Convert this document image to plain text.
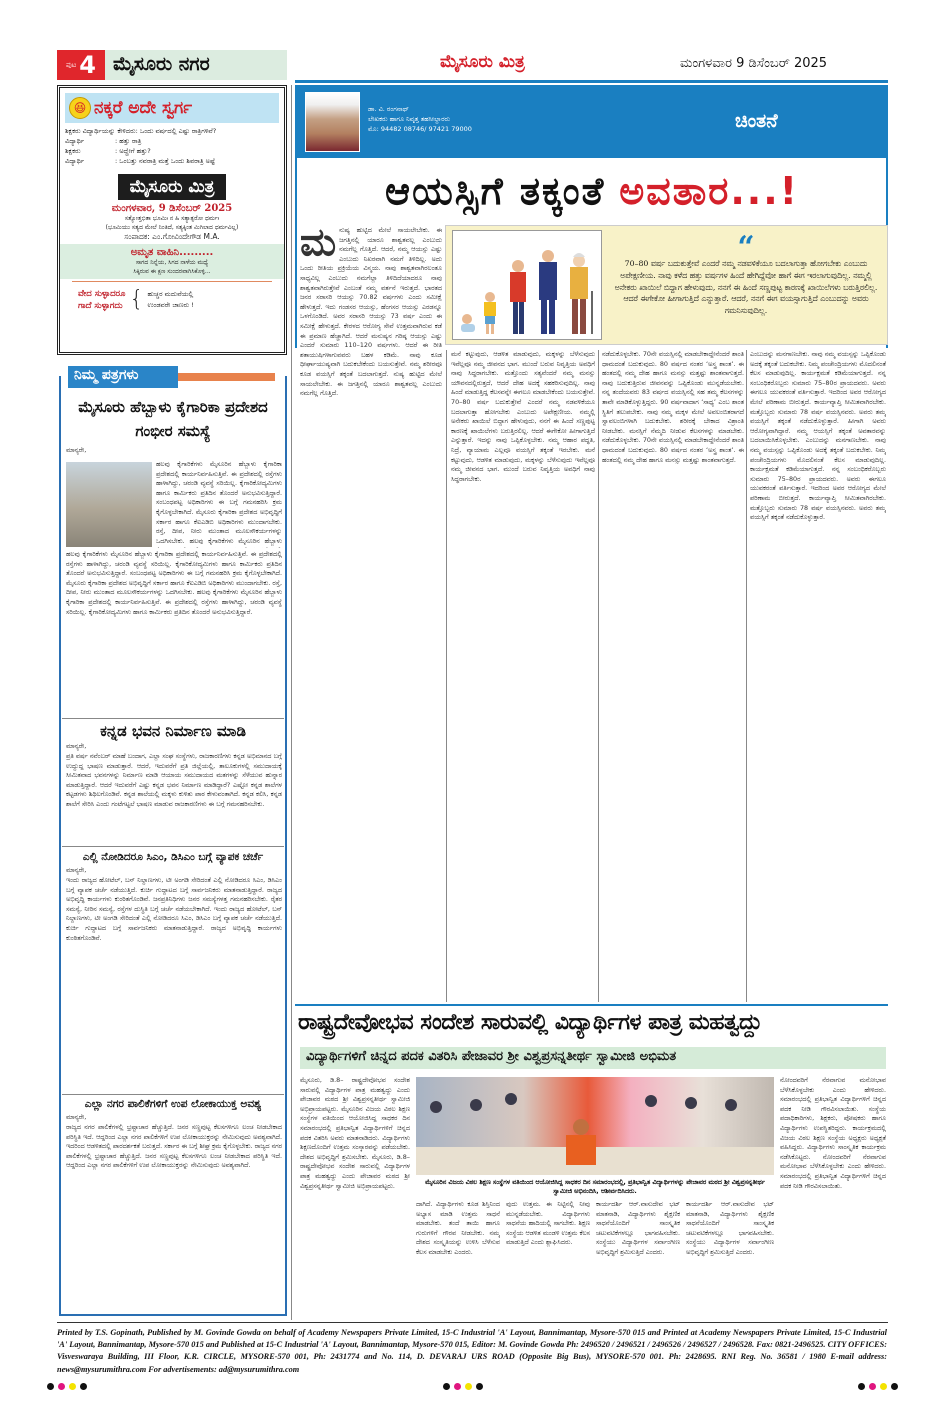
ಪುಟ 4 ಮೈಸೂರು ನಗರ	ಮೈಸೂರು ಮಿತ್ರ	ಮಂಗಳವಾರ 9 ಡಿಸೆಂಬರ್ 2025
😆 ನಕ್ಕರೆ ಅದೇ ಸ್ವರ್ಗ
ಶಿಕ್ಷಕರು ವಿದ್ಯಾರ್ಥಿಯನ್ನು ಕೇಳಿದರು: ಒಂದು ವರ್ಷದಲ್ಲಿ ಎಷ್ಟು ರಾತ್ರಿಗಳಿವೆ?
ವಿದ್ಯಾರ್ಥಿ	: ಹತ್ತು ರಾತ್ರಿ
ಶಿಕ್ಷಕರು	: ಅದ್ಹೇಗೆ ಹತ್ತು?
ವಿದ್ಯಾರ್ಥಿ	: ಒಂಬತ್ತು ನವರಾತ್ರಿ ಮತ್ತೆ ಒಂದು ಶಿವರಾತ್ರಿ ಅಷ್ಟೆ
ಮೈಸೂರು ಮಿತ್ರ
ಮಂಗಳವಾರ, 9 ಡಿಸೆಂಬರ್ 2025
ಸತ್ಯೋತ್ತಭಿತಾ ಭೂಮಿಃ ನ ಹಿ ಸತ್ಯಾತ್ಪರೋ ಧರ್ಮಃ
(ಭೂಮಿಯು ಸತ್ಯದ ಮೇಲೆ ನಿಂತಿದೆ, ಸತ್ಯಕ್ಕಿಂತ ಮಿಗಿಲಾದ ಧರ್ಮವಿಲ್ಲ)
ಸಂಪಾದಕ: ಎಂ.ಗೋವಿಂದೇಗೌಡ M.A.
ಅಮೃತ ವಾಹಿನಿ.........
ಸಾಗದ ನಿನ್ನೆಯ, ಸಿಗದ ನಾಳೆಯ ಮಧ್ಯೆ
ಸಿಕ್ಕಿರುವ ಈ ಕ್ಷಣ ಸುಂದರವಾಗಿಸಿಕೊಳ್ಳಿ...
ವೇದ ಸುಳ್ಳಾದರೂ
ಗಾದೆ ಸುಳ್ಳಾಗದು { ಹುಚ್ಚರ ಮದುವೆಯಲ್ಲಿ
ಉಂಡವರೇ ಜಾಣರು !
ನಿಮ್ಮ ಪತ್ರಗಳು
ಮೈಸೂರು ಹೆಬ್ಬಾಳು ಕೈಗಾರಿಕಾ ಪ್ರದೇಶದ ಗಂಭೀರ ಸಮಸ್ಯೆ
ಮಾನ್ಯರೇ,
ಹಲವು ಕೈಗಾರಿಕೆಗಳು ಮೈಸೂರಿನ ಹೆಬ್ಬಾಳು ಕೈಗಾರಿಕಾ ಪ್ರದೇಶದಲ್ಲಿ ಕಾರ್ಯನಿರ್ವಹಿಸುತ್ತಿವೆ. ಈ ಪ್ರದೇಶದಲ್ಲಿ ರಸ್ತೆಗಳು ಹಾಳಾಗಿದ್ದು, ಚರಂಡಿ ವ್ಯವಸ್ಥೆ ಸರಿಯಿಲ್ಲ. ಕೈಗಾರಿಕೋದ್ಯಮಿಗಳು ಹಾಗೂ ಕಾರ್ಮಿಕರು ಪ್ರತಿದಿನ ತೊಂದರೆ ಅನುಭವಿಸುತ್ತಿದ್ದಾರೆ. ಸಂಬಂಧಪಟ್ಟ ಅಧಿಕಾರಿಗಳು ಈ ಬಗ್ಗೆ ಗಮನಹರಿಸಿ ಕ್ರಮ ಕೈಗೊಳ್ಳಬೇಕಾಗಿದೆ. ಮೈಸೂರು ಕೈಗಾರಿಕಾ ಪ್ರದೇಶದ ಅಭಿವೃದ್ಧಿಗೆ ಸರ್ಕಾರ ಹಾಗೂ ಕೆಐಎಡಿಬಿ ಅಧಿಕಾರಿಗಳು ಮುಂದಾಗಬೇಕು. ರಸ್ತೆ, ದೀಪ, ನೀರು ಮುಂತಾದ ಮೂಲಸೌಕರ್ಯಗಳನ್ನು ಒದಗಿಸಬೇಕು. ಹಲವು ಕೈಗಾರಿಕೆಗಳು ಮೈಸೂರಿನ ಹೆಬ್ಬಾಳು
ಹಲವು ಕೈಗಾರಿಕೆಗಳು ಮೈಸೂರಿನ ಹೆಬ್ಬಾಳು ಕೈಗಾರಿಕಾ ಪ್ರದೇಶದಲ್ಲಿ ಕಾರ್ಯನಿರ್ವಹಿಸುತ್ತಿವೆ. ಈ ಪ್ರದೇಶದಲ್ಲಿ ರಸ್ತೆಗಳು ಹಾಳಾಗಿದ್ದು, ಚರಂಡಿ ವ್ಯವಸ್ಥೆ ಸರಿಯಿಲ್ಲ. ಕೈಗಾರಿಕೋದ್ಯಮಿಗಳು ಹಾಗೂ ಕಾರ್ಮಿಕರು ಪ್ರತಿದಿನ ತೊಂದರೆ ಅನುಭವಿಸುತ್ತಿದ್ದಾರೆ. ಸಂಬಂಧಪಟ್ಟ ಅಧಿಕಾರಿಗಳು ಈ ಬಗ್ಗೆ ಗಮನಹರಿಸಿ ಕ್ರಮ ಕೈಗೊಳ್ಳಬೇಕಾಗಿದೆ. ಮೈಸೂರು ಕೈಗಾರಿಕಾ ಪ್ರದೇಶದ ಅಭಿವೃದ್ಧಿಗೆ ಸರ್ಕಾರ ಹಾಗೂ ಕೆಐಎಡಿಬಿ ಅಧಿಕಾರಿಗಳು ಮುಂದಾಗಬೇಕು. ರಸ್ತೆ, ದೀಪ, ನೀರು ಮುಂತಾದ ಮೂಲಸೌಕರ್ಯಗಳನ್ನು ಒದಗಿಸಬೇಕು. ಹಲವು ಕೈಗಾರಿಕೆಗಳು ಮೈಸೂರಿನ ಹೆಬ್ಬಾಳು ಕೈಗಾರಿಕಾ ಪ್ರದೇಶದಲ್ಲಿ ಕಾರ್ಯನಿರ್ವಹಿಸುತ್ತಿವೆ. ಈ ಪ್ರದೇಶದಲ್ಲಿ ರಸ್ತೆಗಳು ಹಾಳಾಗಿದ್ದು, ಚರಂಡಿ ವ್ಯವಸ್ಥೆ ಸರಿಯಿಲ್ಲ. ಕೈಗಾರಿಕೋದ್ಯಮಿಗಳು ಹಾಗೂ ಕಾರ್ಮಿಕರು ಪ್ರತಿದಿನ ತೊಂದರೆ ಅನುಭವಿಸುತ್ತಿದ್ದಾರೆ.
ಕನ್ನಡ ಭವನ ನಿರ್ಮಾಣ ಮಾಡಿ
ಮಾನ್ಯರೇ,
ಪ್ರತಿ ವರ್ಷ ನವೆಂಬರ್ ಮಾಹೆ ಬಂದಾಗ, ಎಲ್ಲಾ ಸಂಘ ಸಂಸ್ಥೆಗಳು, ರಾಜಕಾರಣಿಗಳು ಕನ್ನಡ ಅಭಿಮಾನದ ಬಗ್ಗೆ ಉದ್ದುದ್ದ ಭಾಷಣ ಮಾಡುತ್ತಾರೆ. ಆದರೆ, ಇದುವರೆಗೆ ಪ್ರತಿ ಜಿಲ್ಲೆಯಲ್ಲಿ, ತಾಲೂಕುಗಳಲ್ಲಿ ಸಮುದಾಯಕ್ಕೆ ಸೀಮಿತವಾದ ಭವನಗಳನ್ನು ನಿರ್ಮಾಣ ಮಾಡಿ ಆಯಾಯ ಸಮುದಾಯದ ಮತಗಳನ್ನು ಸೆಳೆಯುವ ಹುನ್ನಾರ ಮಾಡುತ್ತಿದ್ದಾರೆ. ಆದರೆ ಇದುವರೆಗೆ ಎಷ್ಟು ಕನ್ನಡ ಭವನ ನಿರ್ಮಾಣ ಮಾಡಿದ್ದಾರೆ? ಎಷ್ಟೋ ಕನ್ನಡ ಶಾಲೆಗಳ ಕಟ್ಟಡಗಳು ಶಿಥಿಲಗೊಂಡಿವೆ. ಕನ್ನಡ ಶಾಲೆಯಲ್ಲಿ ಮಕ್ಕಳು ಕುಳಿತು ಪಾಠ ಕೇಳುವಂತಾಗಿದೆ. ಕನ್ನಡ ಕಲಿಸಿ, ಕನ್ನಡ ಶಾಲೆಗೆ ಸೇರಿಸಿ ಎಂದು ಗಂಟೆಗಟ್ಟಲೆ ಭಾಷಣ ಮಾಡುವ ರಾಜಕಾರಣಿಗಳು ಈ ಬಗ್ಗೆ ಗಮನಹರಿಸಬೇಕು.
ಎಲ್ಲಿ ನೋಡಿದರೂ ಸಿಎಂ, ಡಿಸಿಎಂ ಬಗ್ಗೆ ವ್ಯಾಪಕ ಚರ್ಚೆ
ಮಾನ್ಯರೇ,
ಇಂದು ರಾಜ್ಯದ ಹೋಟೆಲ್, ಬಸ್ ನಿಲ್ದಾಣಗಳು, ಟೀ ಅಂಗಡಿ ಸೇರಿದಂತೆ ಎಲ್ಲಿ ನೋಡಿದರೂ ಸಿಎಂ, ಡಿಸಿಎಂ ಬಗ್ಗೆ ವ್ಯಾಪಕ ಚರ್ಚೆ ನಡೆಯುತ್ತಿದೆ. ಕುರ್ಚಿ ಗುದ್ದಾಟದ ಬಗ್ಗೆ ಸಾರ್ವಜನಿಕರು ಮಾತನಾಡುತ್ತಿದ್ದಾರೆ. ರಾಜ್ಯದ ಅಭಿವೃದ್ಧಿ ಕಾರ್ಯಗಳು ಕುಂಠಿತಗೊಂಡಿವೆ. ಜನಪ್ರತಿನಿಧಿಗಳು ಜನರ ಸಮಸ್ಯೆಗಳತ್ತ ಗಮನಹರಿಸಬೇಕು. ರೈತರ ಸಮಸ್ಯೆ, ನೀರಿನ ಸಮಸ್ಯೆ, ರಸ್ತೆಗಳ ದುಸ್ಥಿತಿ ಬಗ್ಗೆ ಚರ್ಚೆ ನಡೆಯಬೇಕಾಗಿದೆ. ಇಂದು ರಾಜ್ಯದ ಹೋಟೆಲ್, ಬಸ್ ನಿಲ್ದಾಣಗಳು, ಟೀ ಅಂಗಡಿ ಸೇರಿದಂತೆ ಎಲ್ಲಿ ನೋಡಿದರೂ ಸಿಎಂ, ಡಿಸಿಎಂ ಬಗ್ಗೆ ವ್ಯಾಪಕ ಚರ್ಚೆ ನಡೆಯುತ್ತಿದೆ. ಕುರ್ಚಿ ಗುದ್ದಾಟದ ಬಗ್ಗೆ ಸಾರ್ವಜನಿಕರು ಮಾತನಾಡುತ್ತಿದ್ದಾರೆ. ರಾಜ್ಯದ ಅಭಿವೃದ್ಧಿ ಕಾರ್ಯಗಳು ಕುಂಠಿತಗೊಂಡಿವೆ.
ಎಲ್ಲಾ ನಗರ ಪಾಲಿಕೆಗಳಿಗೆ ಉಪ ಲೋಕಾಯುಕ್ತ ಅವಶ್ಯ
ಮಾನ್ಯರೇ,
ರಾಜ್ಯದ ನಗರ ಪಾಲಿಕೆಗಳಲ್ಲಿ ಭ್ರಷ್ಟಾಚಾರ ಹೆಚ್ಚುತ್ತಿದೆ. ಜನರ ಸಣ್ಣಪುಟ್ಟ ಕೆಲಸಗಳಿಗೂ ಲಂಚ ನೀಡಬೇಕಾದ ಪರಿಸ್ಥಿತಿ ಇದೆ. ಆದ್ದರಿಂದ ಎಲ್ಲಾ ನಗರ ಪಾಲಿಕೆಗಳಿಗೆ ಉಪ ಲೋಕಾಯುಕ್ತರನ್ನು ನೇಮಿಸುವುದು ಅವಶ್ಯವಾಗಿದೆ. ಇದರಿಂದ ಆಡಳಿತದಲ್ಲಿ ಪಾರದರ್ಶಕತೆ ಬರುತ್ತದೆ. ಸರ್ಕಾರ ಈ ಬಗ್ಗೆ ಶೀಘ್ರ ಕ್ರಮ ಕೈಗೊಳ್ಳಬೇಕು. ರಾಜ್ಯದ ನಗರ ಪಾಲಿಕೆಗಳಲ್ಲಿ ಭ್ರಷ್ಟಾಚಾರ ಹೆಚ್ಚುತ್ತಿದೆ. ಜನರ ಸಣ್ಣಪುಟ್ಟ ಕೆಲಸಗಳಿಗೂ ಲಂಚ ನೀಡಬೇಕಾದ ಪರಿಸ್ಥಿತಿ ಇದೆ. ಆದ್ದರಿಂದ ಎಲ್ಲಾ ನಗರ ಪಾಲಿಕೆಗಳಿಗೆ ಉಪ ಲೋಕಾಯುಕ್ತರನ್ನು ನೇಮಿಸುವುದು ಅವಶ್ಯವಾಗಿದೆ.
ಡಾ. ವಿ. ರಂಗನಾಥ್
ಲೇಖಕರು ಹಾಗೂ ನಿವೃತ್ತ ತಹಸೀಲ್ದಾರರು
ಮೊ: 94482 08746/ 97421 79000	ಚಿಂತನೆ
ಆಯಸ್ಸಿಗೆ ತಕ್ಕಂತೆ ಅವತಾರ...!
“
70–80 ವರ್ಷ ಬದುಕುತ್ತೇವೆ ಎಂದರೆ ನಮ್ಮ ನಡವಳಿಕೆಯೂ ಬದಲಾಗುತ್ತಾ ಹೋಗಬೇಕು ಎಂಬುದು ಅಪೇಕ್ಷಣೀಯ. ನಾವು ಕಳೆದ ಹತ್ತು ವರ್ಷಗಳ ಹಿಂದೆ ಹೇಗಿದ್ದೆವೋ ಹಾಗೆ ಈಗ ಇರಲಾಗುವುದಿಲ್ಲ. ನಮ್ಮಲ್ಲಿ ಅನೇಕರು ಖಾಯಿಲೆ ಬಿದ್ದಾಗ ಹೇಳುವುದು, ನನಗೆ ಈ ಹಿಂದೆ ಸಣ್ಣಪುಟ್ಟ ಕಾರಣಕ್ಕೆ ಖಾಯಿಲೆಗಳು ಬರುತ್ತಿರಲಿಲ್ಲ. ಆದರೆ ಈಗೇಕೋ ಹೀಗಾಗುತ್ತಿದೆ ಎನ್ನುತ್ತಾರೆ. ಆದರೆ, ನನಗೆ ಈಗ ವಯಸ್ಸಾಗುತ್ತಿದೆ ಎಂಬುದನ್ನು ಅವರು ಗಮನಿಸುವುದಿಲ್ಲ.
ಮನುಷ್ಯ ಹುಟ್ಟಿದ ಮೇಲೆ ಸಾಯಲೇಬೇಕು. ಈ ಜಗತ್ತಿನಲ್ಲಿ ಯಾರೂ ಶಾಶ್ವತವಲ್ಲ ಎಂಬುದು ನಮಗೆಲ್ಲ ಗೊತ್ತಿದೆ. ಆದರೆ, ನಮ್ಮ ಆಯಸ್ಸು ಎಷ್ಟು ಎಂಬುದು ನಿಖರವಾಗಿ ನಮಗೆ ತಿಳಿದಿಲ್ಲ. ಅದು ಒಂದು ರೀತಿಯ ಪ್ರಕ್ರಿಯೆಯ ವಿಸ್ಮಯ. ನಾವು ಶಾಶ್ವತವಾಗಿರಲಂತೂ ಸಾಧ್ಯವಿಲ್ಲ ಎಂಬುದು ನಮಗೆಲ್ಲಾ ತಿಳಿದಿದೆಯಾದರೂ ನಾವು ಶಾಶ್ವತವಾಗಿರುತ್ತೇವೆ ಎಂಬಂತೆ ನಮ್ಮ ವರ್ತನೆ ಇರುತ್ತದೆ. ಭಾರತದ ಜನರ ಸರಾಸರಿ ಆಯಸ್ಸು 70.82 ವರ್ಷಗಳು ಎಂದು ಸಮೀಕ್ಷೆ ಹೇಳುತ್ತದೆ. ಇದು ಗಂಡಸರ ಆಯಸ್ಸು, ಹೆಂಗಸರ ಆಯಸ್ಸು ಎರಡನ್ನೂ ಒಳಗೊಂಡಿದೆ. ಅವರ ಸರಾಸರಿ ಆಯಸ್ಸು 73 ವರ್ಷ ಎಂದು ಈ ಸಮೀಕ್ಷೆ ಹೇಳುತ್ತದೆ. ಕೇರಳದ ಆರೋಗ್ಯ ಸೇವೆ ಉತ್ತಮವಾಗಿರುವ ಕಡೆ ಈ ಪ್ರಮಾಣ ಹೆಚ್ಚಾಗಿದೆ. ಆದರೆ ಮನುಷ್ಯನ ಗರಿಷ್ಠ ಆಯಸ್ಸು ಎಷ್ಟು ಎಂದರೆ ಸುಮಾರು 110–120 ವರ್ಷಗಳು. ಆದರೆ ಈ ರೀತಿ ಶತಾಯುಷಿಗಳಾಗುವವರು ಬಹಳ ಕಡಿಮೆ. ನಾವು ಕೂಡ ಧೀರ್ಘಾಯುಷ್ಯವಾಗಿ ಬದುಕಬೇಕೆಂದು ಬಯಸುತ್ತೇವೆ. ನಮ್ಮ ಶರೀರವೂ ಕೂಡ ವಯಸ್ಸಿಗೆ ತಕ್ಕಂತೆ ಬದಲಾಗುತ್ತದೆ. ನುಷ್ಯ ಹುಟ್ಟಿದ ಮೇಲೆ ಸಾಯಲೇಬೇಕು. ಈ ಜಗತ್ತಿನಲ್ಲಿ ಯಾರೂ ಶಾಶ್ವತವಲ್ಲ ಎಂಬುದು ನಮಗೆಲ್ಲ ಗೊತ್ತಿದೆ.
ಮನೆ ಕಟ್ಟುವುದು, ಆಡಳಿತ ಮಾಡುವುದು, ಮಕ್ಕಳನ್ನು ಬೆಳೆಸುವುದು ಇವೆಲ್ಲವೂ ನಮ್ಮ ಜೀವನದ ಭಾಗ. ಮುಂದೆ ಬರುವ ನಿವೃತ್ತಿಯ ಅವಧಿಗೆ ನಾವು ಸಿದ್ಧರಾಗಬೇಕು. ಮತ್ತೊಂದು ಸತ್ಯವೆಂದರೆ ನಮ್ಮ ಮನಸ್ಸು ಯೌವನದಲ್ಲಿರುತ್ತದೆ, ಆದರೆ ದೇಹ ಅದಕ್ಕೆ ಸಹಕರಿಸುವುದಿಲ್ಲ. ನಾವು ಹಿಂದೆ ಮಾಡುತ್ತಿದ್ದ ಕೆಲಸವನ್ನೇ ಈಗಲೂ ಮಾಡಬೇಕೆಂದು ಬಯಸುತ್ತೇವೆ. 70–80 ವರ್ಷ ಬದುಕುತ್ತೇವೆ ಎಂದರೆ ನಮ್ಮ ನಡವಳಿಕೆಯೂ ಬದಲಾಗುತ್ತಾ ಹೋಗಬೇಕು ಎಂಬುದು ಅಪೇಕ್ಷಣೀಯ. ನಮ್ಮಲ್ಲಿ ಅನೇಕರು ಖಾಯಿಲೆ ಬಿದ್ದಾಗ ಹೇಳುವುದು, ನನಗೆ ಈ ಹಿಂದೆ ಸಣ್ಣಪುಟ್ಟ ಕಾರಣಕ್ಕೆ ಖಾಯಿಲೆಗಳು ಬರುತ್ತಿರಲಿಲ್ಲ. ಆದರೆ ಈಗೇಕೋ ಹೀಗಾಗುತ್ತಿದೆ ಎನ್ನುತ್ತಾರೆ. ಇದನ್ನು ನಾವು ಒಪ್ಪಿಕೊಳ್ಳಬೇಕು. ನಮ್ಮ ಆಹಾರ ಪದ್ಧತಿ, ನಿದ್ರೆ, ವ್ಯಾಯಾಮ ಎಲ್ಲವೂ ವಯಸ್ಸಿಗೆ ತಕ್ಕಂತೆ ಇರಬೇಕು. ಮನೆ ಕಟ್ಟುವುದು, ಆಡಳಿತ ಮಾಡುವುದು, ಮಕ್ಕಳನ್ನು ಬೆಳೆಸುವುದು ಇವೆಲ್ಲವೂ ನಮ್ಮ ಜೀವನದ ಭಾಗ. ಮುಂದೆ ಬರುವ ನಿವೃತ್ತಿಯ ಅವಧಿಗೆ ನಾವು ಸಿದ್ಧರಾಗಬೇಕು.
ನಡೆದುಕೊಳ್ಳಬೇಕು. 70ನೇ ವಯಸ್ಸಿನಲ್ಲಿ ಮಾಡಬೇಕಾದ್ದೇನೆಂದರೆ ಶಾಂತಿ ಧಾಮದಂತೆ ಬದುಕುವುದು. 80 ವರ್ಷದ ನಂತರ ‘ಅಸ್ತ್ರ ಶಾಂತ’. ಈ ಹಂತದಲ್ಲಿ ನಮ್ಮ ದೇಹ ಹಾಗೂ ಮನಸ್ಸು ಮತ್ತಷ್ಟು ಶಾಂತವಾಗುತ್ತದೆ. ನಾವು ಬದುಕುತ್ತಿರುವ ಜೀವನವನ್ನು ಒಪ್ಪಿಕೊಂಡು ಮುನ್ನಡೆಯಬೇಕು. ನನ್ನ ತಂದೆಯವರು 83 ವರ್ಷದ ವಯಸ್ಸಿನಲ್ಲಿ ಸಹ ತಮ್ಮ ಕೆಲಸಗಳನ್ನು ತಾವೇ ಮಾಡಿಕೊಳ್ಳುತ್ತಿದ್ದರು. 90 ವರ್ಷವಾದಾಗ ‘ಸಾಧ್ಯ’ ಎಂಬ ಶಾಂತ ಸ್ಥಿತಿಗೆ ತಲುಪಬೇಕು. ನಾವು ನಮ್ಮ ಮಕ್ಕಳ ಮೇಲೆ ಅವಲಂಬಿತರಾಗದೆ ಸ್ವಾವಲಂಬಿಗಳಾಗಿ ಬದುಕಬೇಕು. ಶರೀರಕ್ಕೆ ಬೇಕಾದ ವಿಶ್ರಾಂತಿ ನೀಡಬೇಕು. ಮನಸ್ಸಿಗೆ ನೆಮ್ಮದಿ ನೀಡುವ ಕೆಲಸಗಳನ್ನು ಮಾಡಬೇಕು. ನಡೆದುಕೊಳ್ಳಬೇಕು. 70ನೇ ವಯಸ್ಸಿನಲ್ಲಿ ಮಾಡಬೇಕಾದ್ದೇನೆಂದರೆ ಶಾಂತಿ ಧಾಮದಂತೆ ಬದುಕುವುದು. 80 ವರ್ಷದ ನಂತರ ‘ಅಸ್ತ್ರ ಶಾಂತ’. ಈ ಹಂತದಲ್ಲಿ ನಮ್ಮ ದೇಹ ಹಾಗೂ ಮನಸ್ಸು ಮತ್ತಷ್ಟು ಶಾಂತವಾಗುತ್ತದೆ.
ಎಂಬುದನ್ನು ಮನಗಾಣಬೇಕು. ನಾವು ನಮ್ಮ ವಯಸ್ಸನ್ನು ಒಪ್ಪಿಕೊಂಡು ಅದಕ್ಕೆ ತಕ್ಕಂತೆ ಬದುಕಬೇಕು. ನಿಮ್ಮ ಪಂಚೇಂದ್ರಿಯಗಳು ಮೊದಲಿನಂತೆ ಕೆಲಸ ಮಾಡುವುದಿಲ್ಲ. ಕಾರ್ಯಕ್ಷಮತೆ ಕಡಿಮೆಯಾಗುತ್ತದೆ. ನನ್ನ ಸಂಬಂಧಿಕರೊಬ್ಬರು ಸುಮಾರು 75–80ರ ಪ್ರಾಯದವರು. ಅವರು ಈಗಲೂ ಯುವಕರಂತೆ ವರ್ತಿಸುತ್ತಾರೆ. ಇದರಿಂದ ಅವರ ಆರೋಗ್ಯದ ಮೇಲೆ ಪರಿಣಾಮ ಬೀರುತ್ತದೆ. ಕಾರ್ಯವ್ಯಾಪ್ತಿ ಸೀಮಿತವಾಗಿರಬೇಕು. ಮತ್ತೊಬ್ಬರು ಸುಮಾರು 78 ವರ್ಷ ವಯಸ್ಸಿನವರು. ಅವರು ತಮ್ಮ ವಯಸ್ಸಿಗೆ ತಕ್ಕಂತೆ ನಡೆದುಕೊಳ್ಳುತ್ತಾರೆ. ಹೀಗಾಗಿ ಅವರು ಆರೋಗ್ಯವಾಗಿದ್ದಾರೆ. ನಮ್ಮ ಆಯಸ್ಸಿಗೆ ತಕ್ಕಂತೆ ಅವತಾರವನ್ನು ಬದಲಾಯಿಸಿಕೊಳ್ಳಬೇಕು. ಎಂಬುದನ್ನು ಮನಗಾಣಬೇಕು. ನಾವು ನಮ್ಮ ವಯಸ್ಸನ್ನು ಒಪ್ಪಿಕೊಂಡು ಅದಕ್ಕೆ ತಕ್ಕಂತೆ ಬದುಕಬೇಕು. ನಿಮ್ಮ ಪಂಚೇಂದ್ರಿಯಗಳು ಮೊದಲಿನಂತೆ ಕೆಲಸ ಮಾಡುವುದಿಲ್ಲ. ಕಾರ್ಯಕ್ಷಮತೆ ಕಡಿಮೆಯಾಗುತ್ತದೆ. ನನ್ನ ಸಂಬಂಧಿಕರೊಬ್ಬರು ಸುಮಾರು 75–80ರ ಪ್ರಾಯದವರು. ಅವರು ಈಗಲೂ ಯುವಕರಂತೆ ವರ್ತಿಸುತ್ತಾರೆ. ಇದರಿಂದ ಅವರ ಆರೋಗ್ಯದ ಮೇಲೆ ಪರಿಣಾಮ ಬೀರುತ್ತದೆ. ಕಾರ್ಯವ್ಯಾಪ್ತಿ ಸೀಮಿತವಾಗಿರಬೇಕು. ಮತ್ತೊಬ್ಬರು ಸುಮಾರು 78 ವರ್ಷ ವಯಸ್ಸಿನವರು. ಅವರು ತಮ್ಮ ವಯಸ್ಸಿಗೆ ತಕ್ಕಂತೆ ನಡೆದುಕೊಳ್ಳುತ್ತಾರೆ.
ರಾಷ್ಟ್ರದೇವೋಭವ ಸಂದೇಶ ಸಾರುವಲ್ಲಿ ವಿದ್ಯಾರ್ಥಿಗಳ ಪಾತ್ರ ಮಹತ್ವದ್ದು
ವಿದ್ಯಾರ್ಥಿಗಳಿಗೆ ಚಿನ್ನದ ಪದಕ ವಿತರಿಸಿ ಪೇಜಾವರ ಶ್ರೀ ವಿಶ್ವಪ್ರಸನ್ನತೀರ್ಥ ಸ್ವಾಮೀಜಿ ಅಭಿಮತ
ಮೈಸೂರು, ಡಿ.8– ರಾಷ್ಟ್ರದೇವೋಭವ ಸಂದೇಶ ಸಾರುವಲ್ಲಿ ವಿದ್ಯಾರ್ಥಿಗಳ ಪಾತ್ರ ಮಹತ್ವದ್ದು ಎಂದು ಪೇಜಾವರ ಮಠದ ಶ್ರೀ ವಿಶ್ವಪ್ರಸನ್ನತೀರ್ಥ ಸ್ವಾಮೀಜಿ ಅಭಿಪ್ರಾಯಪಟ್ಟರು. ಮೈಸೂರಿನ ವಿಜಯ ವಿಠಲ ಶಿಕ್ಷಣ ಸಂಸ್ಥೆಗಳ ವತಿಯಿಂದ ಆಯೋಜಿಸಿದ್ದ ಸಾಧಕರ ದಿನ ಸಮಾರಂಭದಲ್ಲಿ ಪ್ರತಿಭಾನ್ವಿತ ವಿದ್ಯಾರ್ಥಿಗಳಿಗೆ ಚಿನ್ನದ ಪದಕ ವಿತರಿಸಿ ಅವರು ಮಾತನಾಡಿದರು. ವಿದ್ಯಾರ್ಥಿಗಳು ಶಿಕ್ಷಣದೊಂದಿಗೆ ಉತ್ತಮ ಸಂಸ್ಕಾರವನ್ನು ಪಡೆಯಬೇಕು. ದೇಶದ ಅಭಿವೃದ್ಧಿಗೆ ಶ್ರಮಿಸಬೇಕು. ಮೈಸೂರು, ಡಿ.8– ರಾಷ್ಟ್ರದೇವೋಭವ ಸಂದೇಶ ಸಾರುವಲ್ಲಿ ವಿದ್ಯಾರ್ಥಿಗಳ ಪಾತ್ರ ಮಹತ್ವದ್ದು ಎಂದು ಪೇಜಾವರ ಮಠದ ಶ್ರೀ ವಿಶ್ವಪ್ರಸನ್ನತೀರ್ಥ ಸ್ವಾಮೀಜಿ ಅಭಿಪ್ರಾಯಪಟ್ಟರು.	ಮೈಸೂರಿನ ವಿಜಯ ವಿಠಲ ಶಿಕ್ಷಣ ಸಂಸ್ಥೆಗಳ ವತಿಯಿಂದ ಆಯೋಜಿಸಿದ್ದ ಸಾಧಕರ ದಿನ ಸಮಾರಂಭದಲ್ಲಿ, ಪ್ರತಿಭಾನ್ವಿತ ವಿದ್ಯಾರ್ಥಿಗಳನ್ನು ಪೇಜಾವರ ಮಠದ ಶ್ರೀ ವಿಶ್ವಪ್ರಸನ್ನತೀರ್ಥ ಸ್ವಾಮೀಜಿ ಅಭಿನಂದಿಸಿ, ಆಶೀರ್ವದಿಸಿದರು.
ದಾಗಿದೆ. ವಿದ್ಯಾರ್ಥಿಗಳು ಕೂಡ ಶಿಸ್ತಿನಿಂದ ಅಭ್ಯಾಸ ಮಾಡಿ ಉತ್ತಮ ಸಾಧನೆ ಮಾಡಬೇಕು. ತಂದೆ ತಾಯಿ ಹಾಗೂ ಗುರುಗಳಿಗೆ ಗೌರವ ನೀಡಬೇಕು. ನಮ್ಮ ದೇಶದ ಸಂಸ್ಕೃತಿಯನ್ನು ಉಳಿಸಿ ಬೆಳೆಸುವ ಕೆಲಸ ಮಾಡಬೇಕು ಎಂದರು.
ವುದು ಉತ್ತಮ. ಈ ನಿಟ್ಟಿನಲ್ಲಿ ನೀವು ಮುನ್ನಡೆಯಬೇಕು. ವಿದ್ಯಾರ್ಥಿಗಳು ಸಾಧನೆಯ ಹಾದಿಯಲ್ಲಿ ಸಾಗಬೇಕು. ಶಿಕ್ಷಣ ಸಂಸ್ಥೆಯ ಆಡಳಿತ ಮಂಡಳಿ ಉತ್ತಮ ಕೆಲಸ ಮಾಡುತ್ತಿದೆ ಎಂದು ಶ್ಲಾಘಿಸಿದರು.
ಕಾರ್ಯದರ್ಶಿ ಆರ್.ವಾಸುದೇವ ಭಟ್ ಮಾತನಾಡಿ, ವಿದ್ಯಾರ್ಥಿಗಳು ಶೈಕ್ಷಣಿಕ ಸಾಧನೆಯೊಂದಿಗೆ ಸಾಂಸ್ಕೃತಿಕ ಚಟುವಟಿಕೆಗಳಲ್ಲೂ ಭಾಗವಹಿಸಬೇಕು. ಸಂಸ್ಥೆಯು ವಿದ್ಯಾರ್ಥಿಗಳ ಸರ್ವಾಂಗೀಣ ಅಭಿವೃದ್ಧಿಗೆ ಶ್ರಮಿಸುತ್ತಿದೆ ಎಂದರು.
ನೋಂದವರಿಗೆ ನೆರವಾಗುವ ಮನೋಭಾವ ಬೆಳೆಸಿಕೊಳ್ಳಬೇಕು ಎಂದು ಹೇಳಿದರು. ಸಮಾರಂಭದಲ್ಲಿ ಪ್ರತಿಭಾನ್ವಿತ ವಿದ್ಯಾರ್ಥಿಗಳಿಗೆ ಚಿನ್ನದ ಪದಕ ನೀಡಿ ಗೌರವಿಸಲಾಯಿತು. ಸಂಸ್ಥೆಯ ಪದಾಧಿಕಾರಿಗಳು, ಶಿಕ್ಷಕರು, ಪೋಷಕರು ಹಾಗೂ ವಿದ್ಯಾರ್ಥಿಗಳು ಉಪಸ್ಥಿತರಿದ್ದರು. ಕಾರ್ಯಕ್ರಮದಲ್ಲಿ ವಿಜಯ ವಿಠಲ ಶಿಕ್ಷಣ ಸಂಸ್ಥೆಯ ಅಧ್ಯಕ್ಷರು ಅಧ್ಯಕ್ಷತೆ ವಹಿಸಿದ್ದರು. ವಿದ್ಯಾರ್ಥಿಗಳು ಸಾಂಸ್ಕೃತಿಕ ಕಾರ್ಯಕ್ರಮ ನಡೆಸಿಕೊಟ್ಟರು. ನೋಂದವರಿಗೆ ನೆರವಾಗುವ ಮನೋಭಾವ ಬೆಳೆಸಿಕೊಳ್ಳಬೇಕು ಎಂದು ಹೇಳಿದರು. ಸಮಾರಂಭದಲ್ಲಿ ಪ್ರತಿಭಾನ್ವಿತ ವಿದ್ಯಾರ್ಥಿಗಳಿಗೆ ಚಿನ್ನದ ಪದಕ ನೀಡಿ ಗೌರವಿಸಲಾಯಿತು.
ಕಾರ್ಯದರ್ಶಿ ಆರ್.ವಾಸುದೇವ ಭಟ್ ಮಾತನಾಡಿ, ವಿದ್ಯಾರ್ಥಿಗಳು ಶೈಕ್ಷಣಿಕ ಸಾಧನೆಯೊಂದಿಗೆ ಸಾಂಸ್ಕೃತಿಕ ಚಟುವಟಿಕೆಗಳಲ್ಲೂ ಭಾಗವಹಿಸಬೇಕು. ಸಂಸ್ಥೆಯು ವಿದ್ಯಾರ್ಥಿಗಳ ಸರ್ವಾಂಗೀಣ ಅಭಿವೃದ್ಧಿಗೆ ಶ್ರಮಿಸುತ್ತಿದೆ ಎಂದರು.
Printed by T.S. Gopinath, Published by M. Govinde Gowda on behalf of Academy Newspapers Private Limited, 15-C Industrial 'A' Layout, Bannimantap, Mysore-570 015 and Printed at Academy Newspapers Private Limited, 15-C Industrial 'A' Layout, Bannimantap, Mysore-570 015 and Published at 15-C Industrial 'A' Layout, Bannimantap, Mysore-570 015, Editor: M. Govinde Gowda Ph: 2496520 / 2496521 / 2496526 / 2496527 / 2496528. Fax: 0821-2496525. CITY OFFICES: Visveswaraya Building, III Floor, K.R. CIRCLE, MYSORE-570 001, Ph: 2431774 and No. 114, D. DEVARAJ URS ROAD (Opposite Big Bus), MYSORE-570 001. Ph: 2428695. RNI Reg. No. 36581 / 1980 E-mail address: news@mysurumithra.com For advertisements: ad@mysurumithra.com
